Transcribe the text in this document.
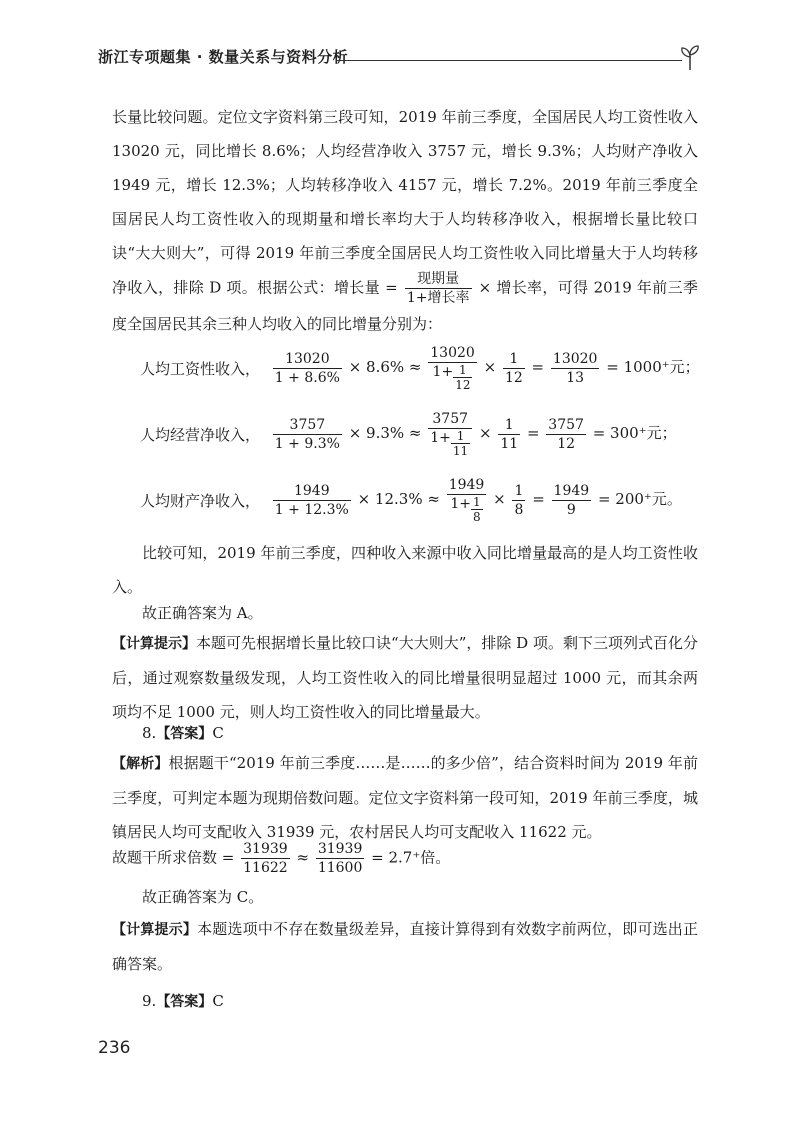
浙江专项题集 · 数量关系与资料分析

长量比较问题。定位文字资料第三段可知，2019 年前三季度，全国居民人均工资性收入 13020 元，同比增长 8.6%；人均经营净收入 3757 元，增长 9.3%；人均财产净收入 1949 元，增长 12.3%；人均转移净收入 4157 元，增长 7.2%。2019 年前三季度全国居民人均工资性收入的现期量和增长率均大于人均转移净收入，根据增长量比较口诀“大大则大”，可得 2019 年前三季度全国居民人均工资性收入同比增量大于人均转移净收入，排除 D 项。根据公式：增长量 = $\frac{\text{现期量}}{\text{1+增长率}}$ × 增长率，可得 2019 年前三季度全国居民其余三种人均收入的同比增量分别为：

人均工资性收入， $\frac{13020}{1 + 8.6\%} \times 8.6\% \approx \frac{13020}{1+ \frac{1}{12}} \times \frac{1}{12} = \frac{13020}{13} = 1000^+$元；
人均经营净收入， $\frac{3757}{1 + 9.3\%} \times 9.3\% \approx \frac{3757}{1+ \frac{1}{11}} \times \frac{1}{11} = \frac{3757}{12} = 300^+$元；
人均财产净收入， $\frac{1949}{1 + 12.3\%} \times 12.3\% \approx \frac{1949}{1+ \frac{1}{8}} \times \frac{1}{8} = \frac{1949}{9} = 200^+$元。

比较可知，2019 年前三季度，四种收入来源中收入同比增量最高的是人均工资性收入。

故正确答案为 A。

【计算提示】本题可先根据增长量比较口诀“大大则大”，排除 D 项。剩下三项列式百化分后，通过观察数量级发现，人均工资性收入的同比增量很明显超过 1000 元，而其余两项均不足 1000 元，则人均工资性收入的同比增量最大。

8.【答案】C

【解析】根据题干“2019 年前三季度……是……的多少倍”，结合资料时间为 2019 年前三季度，可判定本题为现期倍数问题。定位文字资料第一段可知，2019 年前三季度，城镇居民人均可支配收入 31939 元，农村居民人均可支配收入 11622 元。

故题干所求倍数 = $\frac{31939}{11622} \approx \frac{31939}{11600} = 2.7^+$倍。

故正确答案为 C。

【计算提示】本题选项中不存在数量级差异，直接计算得到有效数字前两位，即可选出正确答案。

9.【答案】C

236
